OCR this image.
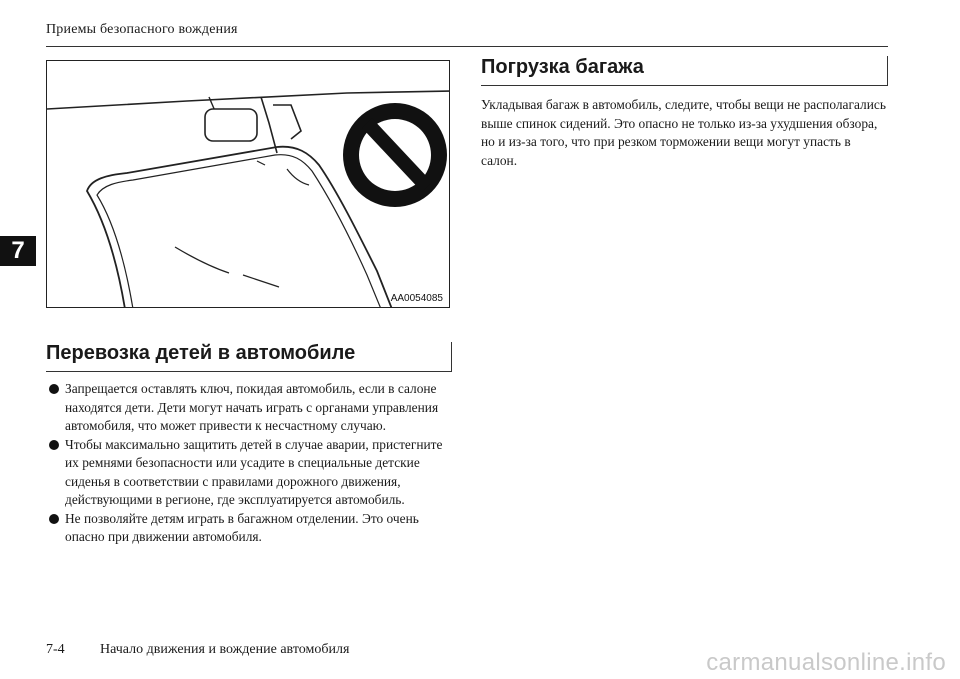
Приемы безопасного вождения
7
AA0054085
Перевозка детей в автомобиле
Запрещается оставлять ключ, покидая автомобиль, если в салоне находятся дети. Дети могут начать играть с органами управления автомобиля, что может привести к несчастному случаю.
Чтобы максимально защитить детей в случае аварии, пристегните их ремнями безопасности или усадите в специальные детские сиденья в соответствии с правилами дорожного движения, действующими в регионе, где эксплуатируется автомобиль.
Не позволяйте детям играть в багажном отделении. Это очень опасно при движении автомобиля.
Погрузка багажа

Укладывая багаж в автомобиль, следите, чтобы вещи не располагались выше спинок сидений. Это опасно не только из-за ухудшения обзора, но и из-за того, что при резком торможении вещи могут упасть в салон.

7-4	Начало движения и вождение автомобиля	carmanualsonline.info
